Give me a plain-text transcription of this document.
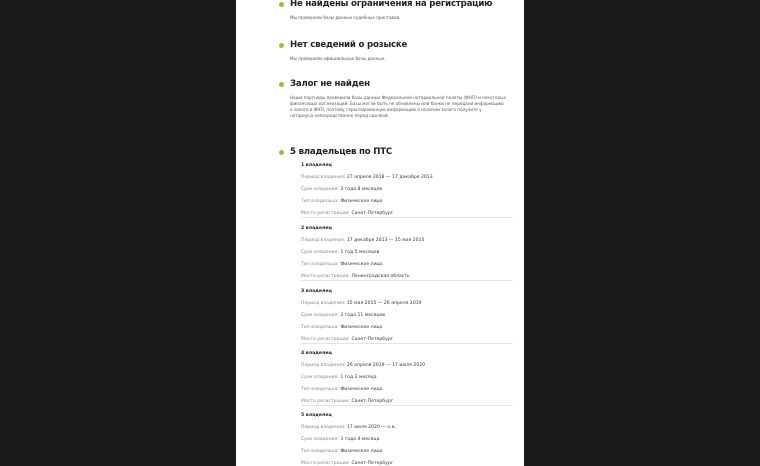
Не найдены ограничения на регистрацию
Мы проверили базы данных судебных приставов.
Нет сведений о розыске
Мы проверили официальные базы данных.
Залог не найден
Наши партнеры проверили базы данных Федеральной нотариальной палаты (ФНП) и некоторых финансовых организаций. Базы могли быть не обновлены или банки не передали информацию о залоге в ФНП, поэтому гарантированную информацию о наличии залога получите у нотариуса непосредственно перед сделкой.
5 владельцев по ПТС
1 владелец
Период владения: 27 апреля 2018 — 17 декабря 2013
Срок владения: 3 года 8 месяцев
Тип владельца: Физическое лицо
Место регистрации: Санкт-Петербург
2 владелец
Период владения: 17 декабря 2013 — 15 мая 2015
Срок владения: 1 год 5 месяцев
Тип владельца: Физическое лицо
Место регистрации: Ленинградская область
3 владелец
Период владения: 15 мая 2015 — 26 апреля 2019
Срок владения: 3 года 11 месяцев
Тип владельца: Физическое лицо
Место регистрации: Санкт-Петербург
4 владелец
Период владения: 26 апреля 2019 — 17 июля 2020
Срок владения: 1 год 2 месяца
Тип владельца: Физическое лицо
Место регистрации: Санкт-Петербург
5 владелец
Период владения: 17 июля 2020 — н.в.
Срок владения: 3 года 4 месяца
Тип владельца: Физическое лицо
Место регистрации: Санкт-Петербург
